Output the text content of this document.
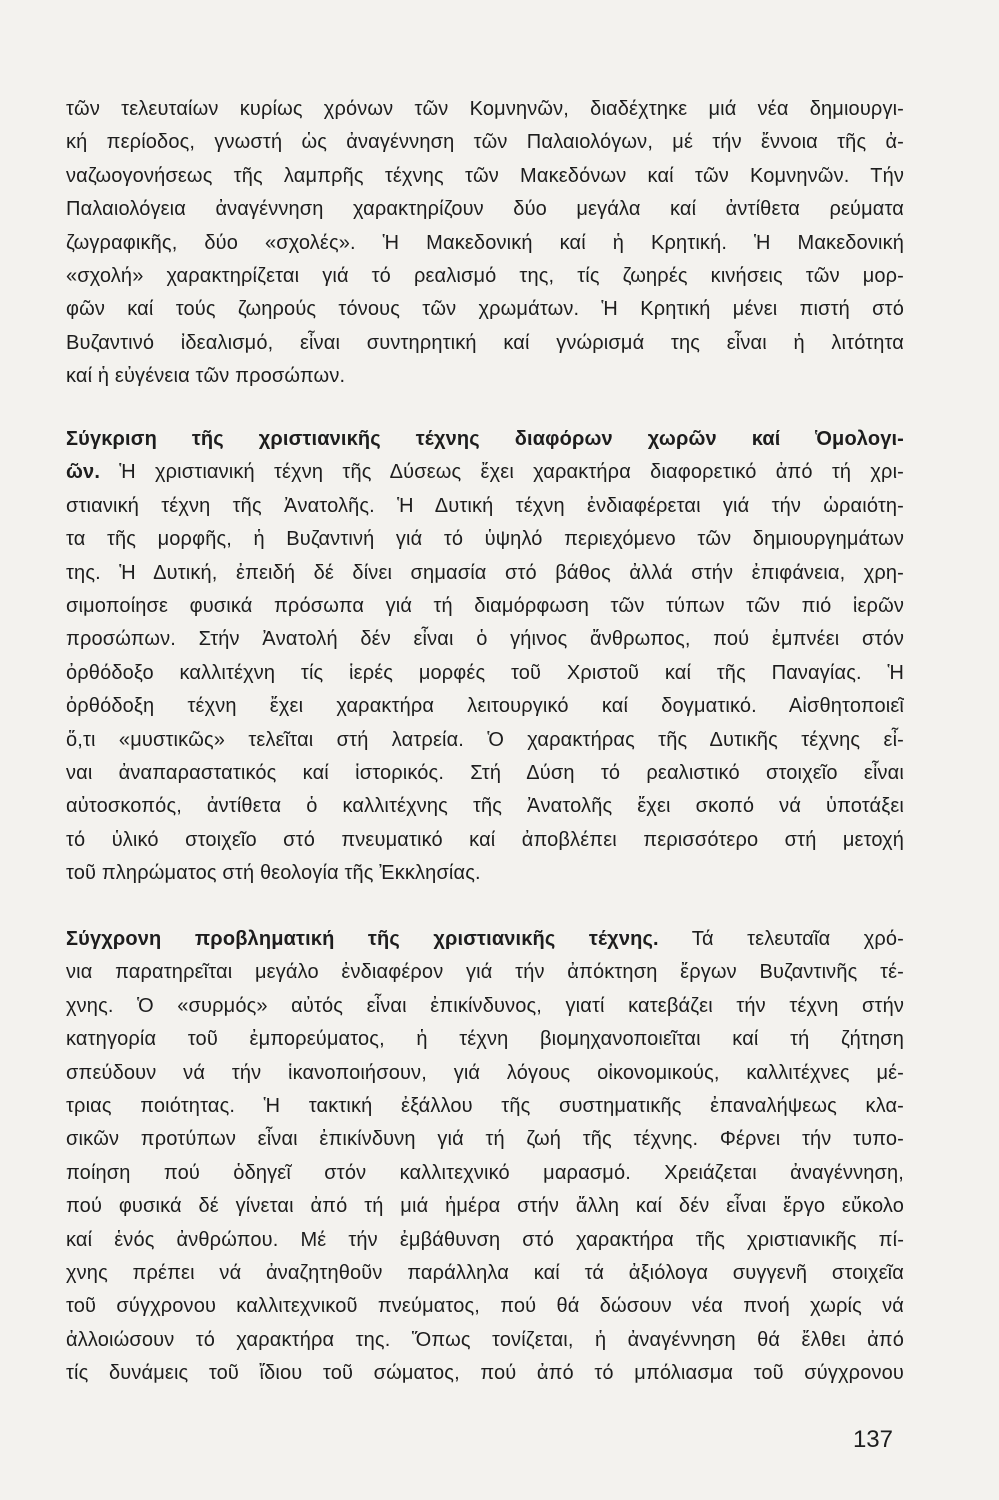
τῶν τελευταίων κυρίως χρόνων τῶν Κομνηνῶν, διαδέχτηκε μιά νέα δημιουργι-
κή περίοδος, γνωστή ὡς ἀναγέννηση τῶν Παλαιολόγων, μέ τήν ἔννοια τῆς ἀ-
ναζωογονήσεως τῆς λαμπρῆς τέχνης τῶν Μακεδόνων καί τῶν Κομνηνῶν. Τήν
Παλαιολόγεια ἀναγέννηση χαρακτηρίζουν δύο μεγάλα καί ἀντίθετα ρεύματα
ζωγραφικῆς, δύο «σχολές». Ἡ Μακεδονική καί ἡ Κρητική. Ἡ Μακεδονική
«σχολή» χαρακτηρίζεται γιά τό ρεαλισμό της, τίς ζωηρές κινήσεις τῶν μορ-
φῶν καί τούς ζωηρούς τόνους τῶν χρωμάτων. Ἡ Κρητική μένει πιστή στό
Βυζαντινό ἰδεαλισμό, εἶναι συντηρητική καί γνώρισμά της εἶναι ἡ λιτότητα
καί ἡ εὐγένεια τῶν προσώπων.
Σύγκριση τῆς χριστιανικῆς τέχνης διαφόρων χωρῶν καί Ὁμολογι-
ῶν. Ἡ χριστιανική τέχνη τῆς Δύσεως ἔχει χαρακτήρα διαφορετικό ἀπό τή χρι-
στιανική τέχνη τῆς Ἀνατολῆς. Ἡ Δυτική τέχνη ἐνδιαφέρεται γιά τήν ὡραιότη-
τα τῆς μορφῆς, ἡ Βυζαντινή γιά τό ὑψηλό περιεχόμενο τῶν δημιουργημάτων
της. Ἡ Δυτική, ἐπειδή δέ δίνει σημασία στό βάθος ἀλλά στήν ἐπιφάνεια, χρη-
σιμοποίησε φυσικά πρόσωπα γιά τή διαμόρφωση τῶν τύπων τῶν πιό ἱερῶν
προσώπων. Στήν Ἀνατολή δέν εἶναι ὁ γήινος ἄνθρωπος, πού ἐμπνέει στόν
ὀρθόδοξο καλλιτέχνη τίς ἱερές μορφές τοῦ Χριστοῦ καί τῆς Παναγίας. Ἡ
ὀρθόδοξη τέχνη ἔχει χαρακτήρα λειτουργικό καί δογματικό. Αἰσθητοποιεῖ
ὅ,τι «μυστικῶς» τελεῖται στή λατρεία. Ὁ χαρακτήρας τῆς Δυτικῆς τέχνης εἶ-
ναι ἀναπαραστατικός καί ἱστορικός. Στή Δύση τό ρεαλιστικό στοιχεῖο εἶναι
αὐτοσκοπός, ἀντίθετα ὁ καλλιτέχνης τῆς Ἀνατολῆς ἔχει σκοπό νά ὑποτάξει
τό ὑλικό στοιχεῖο στό πνευματικό καί ἀποβλέπει περισσότερο στή μετοχή
τοῦ πληρώματος στή θεολογία τῆς Ἐκκλησίας.
Σύγχρονη προβληματική τῆς χριστιανικῆς τέχνης. Τά τελευταῖα χρό-
νια παρατηρεῖται μεγάλο ἐνδιαφέρον γιά τήν ἀπόκτηση ἔργων Βυζαντινῆς τέ-
χνης. Ὁ «συρμός» αὐτός εἶναι ἐπικίνδυνος, γιατί κατεβάζει τήν τέχνη στήν
κατηγορία τοῦ ἐμπορεύματος, ἡ τέχνη βιομηχανοποιεῖται καί τή ζήτηση
σπεύδουν νά τήν ἱκανοποιήσουν, γιά λόγους οἰκονομικούς, καλλιτέχνες μέ-
τριας ποιότητας. Ἡ τακτική ἐξάλλου τῆς συστηματικῆς ἐπαναλήψεως κλα-
σικῶν προτύπων εἶναι ἐπικίνδυνη γιά τή ζωή τῆς τέχνης. Φέρνει τήν τυπο-
ποίηση πού ὁδηγεῖ στόν καλλιτεχνικό μαρασμό. Χρειάζεται ἀναγέννηση,
πού φυσικά δέ γίνεται ἀπό τή μιά ἡμέρα στήν ἄλλη καί δέν εἶναι ἔργο εὔκολο
καί ἑνός ἀνθρώπου. Μέ τήν ἐμβάθυνση στό χαρακτήρα τῆς χριστιανικῆς πί-
χνης πρέπει νά ἀναζητηθοῦν παράλληλα καί τά ἀξιόλογα συγγενῆ στοιχεῖα
τοῦ σύγχρονου καλλιτεχνικοῦ πνεύματος, πού θά δώσουν νέα πνοή χωρίς νά
ἀλλοιώσουν τό χαρακτήρα της. Ὅπως τονίζεται, ἡ ἀναγέννηση θά ἔλθει ἀπό
τίς δυνάμεις τοῦ ἴδιου τοῦ σώματος, πού ἀπό τό μπόλιασμα τοῦ σύγχρονου
137
